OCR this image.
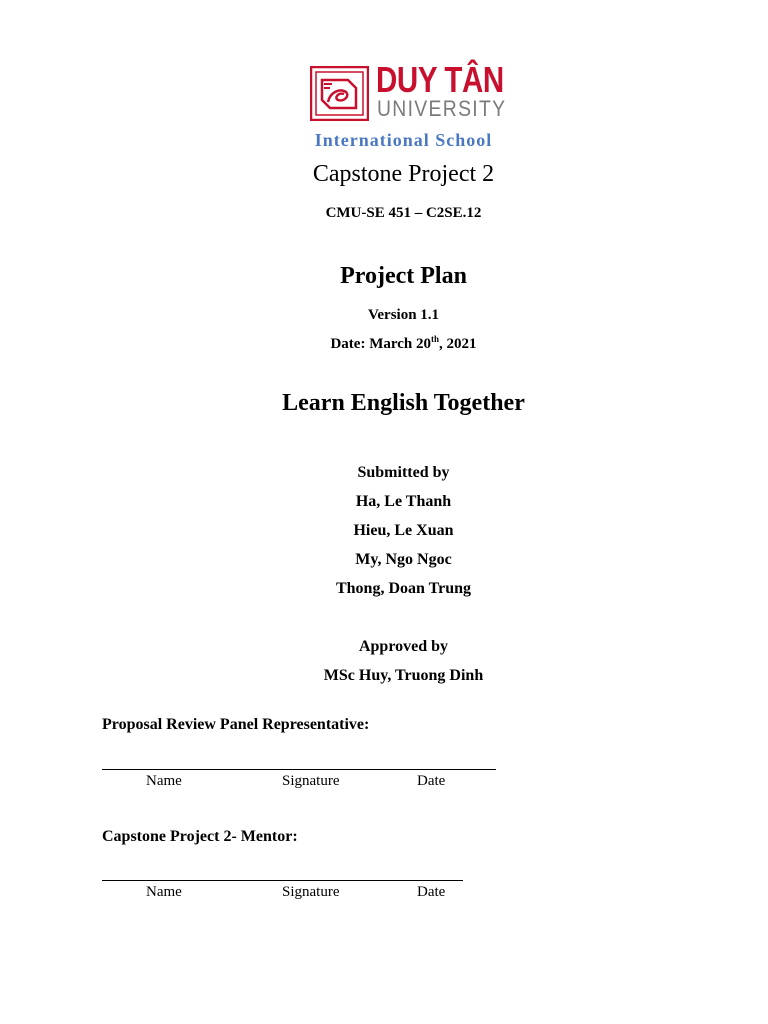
DUY TÂN
UNIVERSITY
International School
Capstone Project 2
CMU-SE 451 – C2SE.12
Project Plan
Version 1.1
Date: March 20th, 2021
Learn English Together
Submitted by
Ha, Le Thanh
Hieu, Le Xuan
My, Ngo Ngoc
Thong, Doan Trung
Approved by
MSc Huy, Truong Dinh
Proposal Review Panel Representative:
Name	Signature	Date
Capstone Project 2- Mentor:
Name	Signature	Date
